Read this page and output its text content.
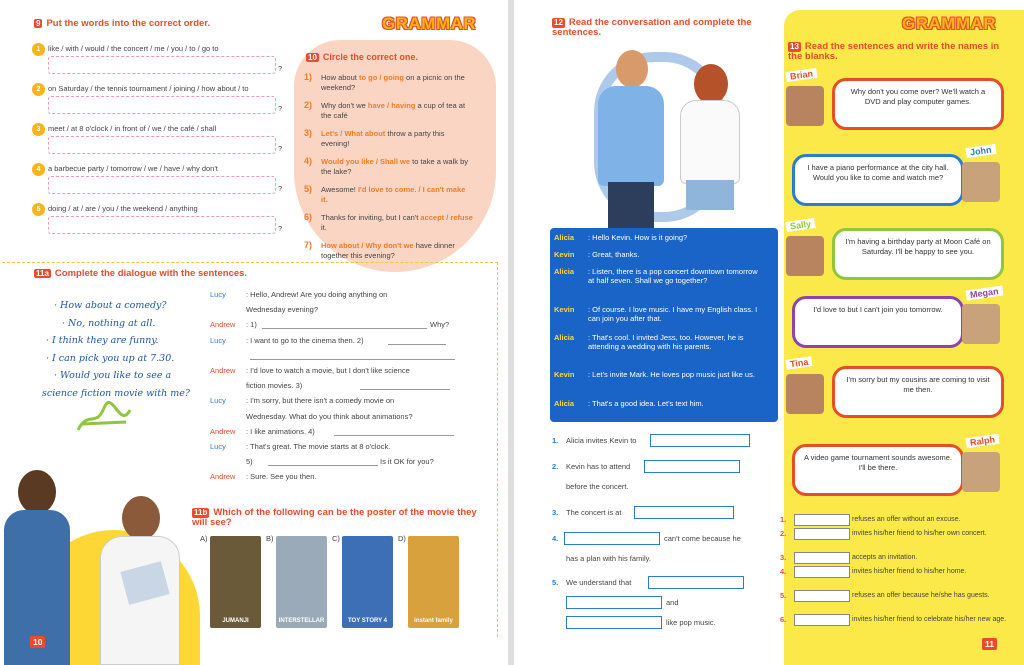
GRAMMAR
9 Put the words into the correct order.
1	like / with / would / the concert / me / you / to / go to
?
2	on Saturday / the tennis tournament / joining / how about / to
?
3	meet / at 8 o'clock / in front of / we / the café / shall
?
4	a barbecue party / tomorrow / we / have / why don't
?
5	doing / at / are / you / the weekend / anything
?
10 Circle the correct one.
1) How about to go / going on a picnic on the weekend?
2) Why don't we have / having a cup of tea at the café
3) Let's / What about throw a party this evening!
4) Would you like / Shall we to take a walk by the lake?
5) Awesome! I'd love to come. / I can't make it.
6) Thanks for inviting, but I can't accept / refuse it.
7) How about / Why don't we have dinner together this evening?
11a Complete the dialogue with the sentences.
· How about a comedy?
· No, nothing at all.
· I think they are funny.
· I can pick you up at 7.30.
· Would you like to see a
science fiction movie with me?
Lucy	: Hello, Andrew! Are you doing anything on
Wednesday evening?
Andrew : 1)	Why?
Lucy	: I want to go to the cinema then. 2)
Andrew : I'd love to watch a movie, but I don't like science
fiction movies. 3)
Lucy	: I'm sorry, but there isn't a comedy movie on
Wednesday. What do you think about animations?
Andrew : I like animations. 4)
Lucy	: That's great. The movie starts at 8 o'clock.
5)	Is it OK for you?
Andrew : Sure. See you then.
10
11b Which of the following can be the poster of the movie they will see?
A)
JUMANJI
B)
INTERSTELLAR
C)
TOY STORY 4
D)
instant family
GRAMMAR
12 Read the conversation and complete the sentences.
Alicia : Hello Kevin. How is it going?
Kevin : Great, thanks.
Alicia : Listen, there is a pop concert downtown tomorrow at half seven. Shall we go together?
Kevin : Of course. I love music. I have my English class. I can join you after that.
Alicia : That's cool. I invited Jess, too. However, he is attending a wedding with his parents.
Kevin : Let's invite Mark. He loves pop music just like us.
Alicia : That's a good idea. Let's text him.
1. Alicia invites Kevin to
2. Kevin has to attend
before the concert.
3. The concert is at
4.	can't come because he
has a plan with his family.
5. We understand that
and
like pop music.
13 Read the sentences and write the names in the blanks.
Why don't you come over? We'll watch a DVD and play computer games.
Brian
I have a piano performance at the city hall. Would you like to come and watch me?
John
I'm having a birthday party at Moon Café on Saturday. I'll be happy to see you.
Sally
I'd love to but I can't join you tomorrow.
Megan
I'm sorry but my cousins are coming to visit me then.
Tina
A video game tournament sounds awesome. I'll be there.
Ralph
1.	refuses an offer without an excuse.
2.	invites his/her friend to his/her own concert.
3.	accepts an invitation.
4.	invites his/her friend to his/her home.
5.	refuses an offer because he/she has guests.
6.	invites his/her friend to celebrate his/her new age.
11
